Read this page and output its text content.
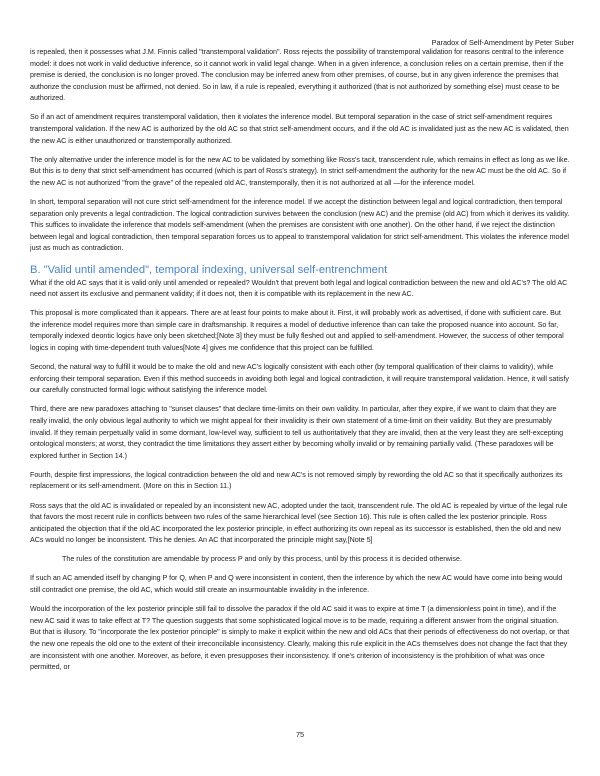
Paradox of Self-Amendment by Peter Suber

is repealed, then it possesses what J.M. Finnis called "transtemporal validation". Ross rejects the possibility of transtemporal validation for reasons central to the inference model: it does not work in valid deductive inference, so it cannot work in valid legal change. When in a given inference, a conclusion relies on a certain premise, then if the premise is denied, the conclusion is no longer proved. The conclusion may be inferred anew from other premises, of course, but in any given inference the premises that authorize the conclusion must be affirmed, not denied. So in law, if a rule is repealed, everything it authorized (that is not authorized by something else) must cease to be authorized.

So if an act of amendment requires transtemporal validation, then it violates the inference model. But temporal separation in the case of strict self-amendment requires transtemporal validation. If the new AC is authorized by the old AC so that strict self-amendment occurs, and if the old AC is invalidated just as the new AC is validated, then the new AC is either unauthorized or transtemporally authorized.

The only alternative under the inference model is for the new AC to be validated by something like Ross's tacit, transcendent rule, which remains in effect as long as we like. But this is to deny that strict self-amendment has occurred (which is part of Ross's strategy). In strict self-amendment the authority for the new AC must be the old AC. So if the new AC is not authorized "from the grave" of the repealed old AC, transtemporally, then it is not authorized at all —for the inference model.

In short, temporal separation will not cure strict self-amendment for the inference model. If we accept the distinction between legal and logical contradiction, then temporal separation only prevents a legal contradiction. The logical contradiction survives between the conclusion (new AC) and the premise (old AC) from which it derives its validity. This suffices to invalidate the inference that models self-amendment (when the premises are consistent with one another). On the other hand, if we reject the distinction between legal and logical contradiction, then temporal separation forces us to appeal to transtemporal validation for strict self-amendment. This violates the inference model just as much as contradiction.

B. "Valid until amended", temporal indexing, universal self-entrenchment

What if the old AC says that it is valid only until amended or repealed? Wouldn't that prevent both legal and logical contradiction between the new and old AC's? The old AC need not assert its exclusive and permanent validity; if it does not, then it is compatible with its replacement in the new AC.

This proposal is more complicated than it appears. There are at least four points to make about it. First, it will probably work as advertised, if done with sufficient care. But the inference model requires more than simple care in draftsmanship. It requires a model of deductive inference than can take the proposed nuance into account. So far, temporally indexed deontic logics have only been sketched;[Note 3] they must be fully fleshed out and applied to self-amendment. However, the success of other temporal logics in coping with time-dependent truth values[Note 4] gives me confidence that this project can be fulfilled.

Second, the natural way to fulfill it would be to make the old and new AC's logically consistent with each other (by temporal qualification of their claims to validity), while enforcing their temporal separation. Even if this method succeeds in avoiding both legal and logical contradiction, it will require transtemporal validation. Hence, it will satisfy our carefully constructed formal logic without satisfying the inference model.

Third, there are new paradoxes attaching to "sunset clauses" that declare time-limits on their own validity. In particular, after they expire, if we want to claim that they are really invalid, the only obvious legal authority to which we might appeal for their invalidity is their own statement of a time-limit on their validity. But they are presumably invalid. If they remain perpetually valid in some dormant, low-level way, sufficient to tell us authoritatively that they are invalid, then at the very least they are self-excepting ontological monsters; at worst, they contradict the time limitations they assert either by becoming wholly invalid or by remaining partially valid. (These paradoxes will be explored further in Section 14.)

Fourth, despite first impressions, the logical contradiction between the old and new AC's is not removed simply by rewording the old AC so that it specifically authorizes its replacement or its self-amendment. (More on this in Section 11.)

Ross says that the old AC is invalidated or repealed by an inconsistent new AC, adopted under the tacit, transcendent rule. The old AC is repealed by virtue of the legal rule that favors the most recent rule in conflicts between two rules of the same hierarchical level (see Section 16). This rule is often called the lex posterior principle. Ross anticipated the objection that if the old AC incorporated the lex posterior principle, in effect authorizing its own repeal as its successor is established, then the old and new ACs would no longer be inconsistent. This he denies. An AC that incorporated the principle might say,[Note 5]

The rules of the constitution are amendable by process P and only by this process, until by this process it is decided otherwise.

If such an AC amended itself by changing P for Q, when P and Q were inconsistent in content, then the inference by which the new AC would have come into being would still contradict one premise, the old AC, which would still create an insurmountable invalidity in the inference.

Would the incorporation of the lex posterior principle still fail to dissolve the paradox if the old AC said it was to expire at time T (a dimensionless point in time), and if the new AC said it was to take effect at T? The question suggests that some sophisticated logical move is to be made, requiring a different answer from the original situation. But that is illusory. To "incorporate the lex posterior principle" is simply to make it explicit within the new and old ACs that their periods of effectiveness do not overlap, or that the new one repeals the old one to the extent of their irreconcilable inconsistency. Clearly, making this rule explicit in the ACs themselves does not change the fact that they are inconsistent with one another. Moreover, as before, it even presupposes their inconsistency. If one's criterion of inconsistency is the prohibition of what was once permitted, or

75
